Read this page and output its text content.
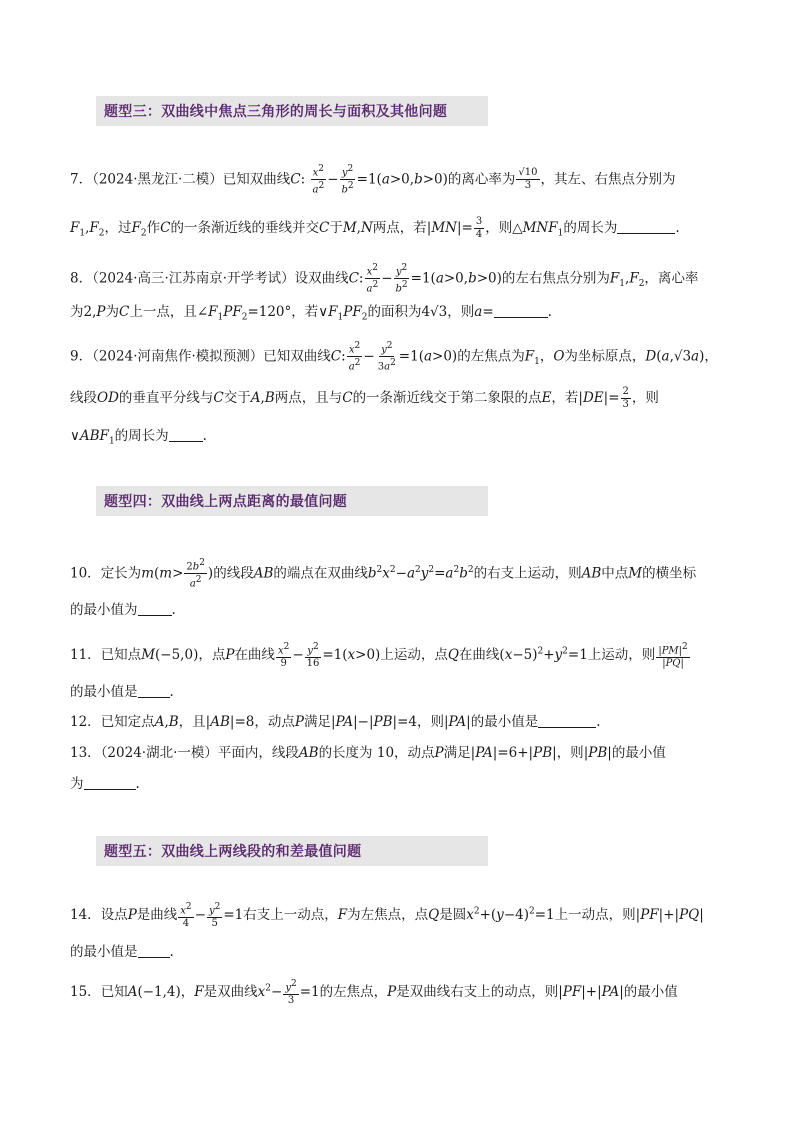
题型三：双曲线中焦点三角形的周长与面积及其他问题
7．（2024·黑龙江·二模）已知双曲线C: $\frac{x^2}{a^2} - \frac{y^2}{b^2} =1(a>0,b>0)$的离心率为 $\frac{√10}{3}$ ，其左、右焦点分别为
$F_1,F_2$，过$F_2$作C的一条渐近线的垂线并交C于M,N两点，若$|MN|= \frac{3}{4}$ ，则$\triangle MNF_1$的周长为	.
8．（2024·高三·江苏南京·开学考试）设双曲线C: $\frac{x^2}{a^2} - \frac{y^2}{b^2} =1(a>0,b>0)$的左右焦点分别为$F_1,F_2$，离心率
为2,P为C上一点，且$\angle F_1PF_2=120^\circ$，若$\vee F_1PF_2$的面积为4√3，则a=	.
9．（2024·河南焦作·模拟预测）已知双曲线C: $\frac{x^2}{a^2} - \frac{y^2}{3a^2} =1(a>0)$的左焦点为$F_1$，O为坐标原点，D(a,√3a)，
线段OD的垂直平分线与C交于A,B两点，且与C的一条渐近线交于第二象限的点E，若$|DE|= \frac{2}{3}$ ，则
$\vee ABF_1$的周长为	.
题型四：双曲线上两点距离的最值问题
10．定长为$m(m> \frac{2b^2}{a^2}$ )的线段AB的端点在双曲线$b^2x^2-a^2y^2=a^2b^2$的右支上运动，则AB中点M的横坐标
的最小值为	.
11．已知点M(−5,0)，点P在曲线 $\frac{x^2}{9} - \frac{y^2}{16} =1(x>0)$上运动，点Q在曲线$(x-5)^2+y^2=1$上运动，则 $\frac{|PM|^2}{|PQ|}$
的最小值是 .
12．已知定点A,B，且|AB|=8，动点P满足|PA|−|PB|=4，则|PA|的最小值是	.
13．（2024·湖北·一模）平面内，线段AB的长度为 10，动点P满足|PA|=6+|PB|，则|PB|的最小值
为	.
题型五：双曲线上两线段的和差最值问题
14．设点P是曲线 $\frac{x^2}{4} - \frac{y^2}{5} =1$右支上一动点，F为左焦点，点Q是圆$x^2+(y-4)^2=1$上一动点，则|PF|+|PQ|
的最小值是 .
15．已知A(−1,4)，F是双曲线$x^2- \frac{y^2}{3} =1$的左焦点，P是双曲线右支上的动点，则|PF|+|PA|的最小值
